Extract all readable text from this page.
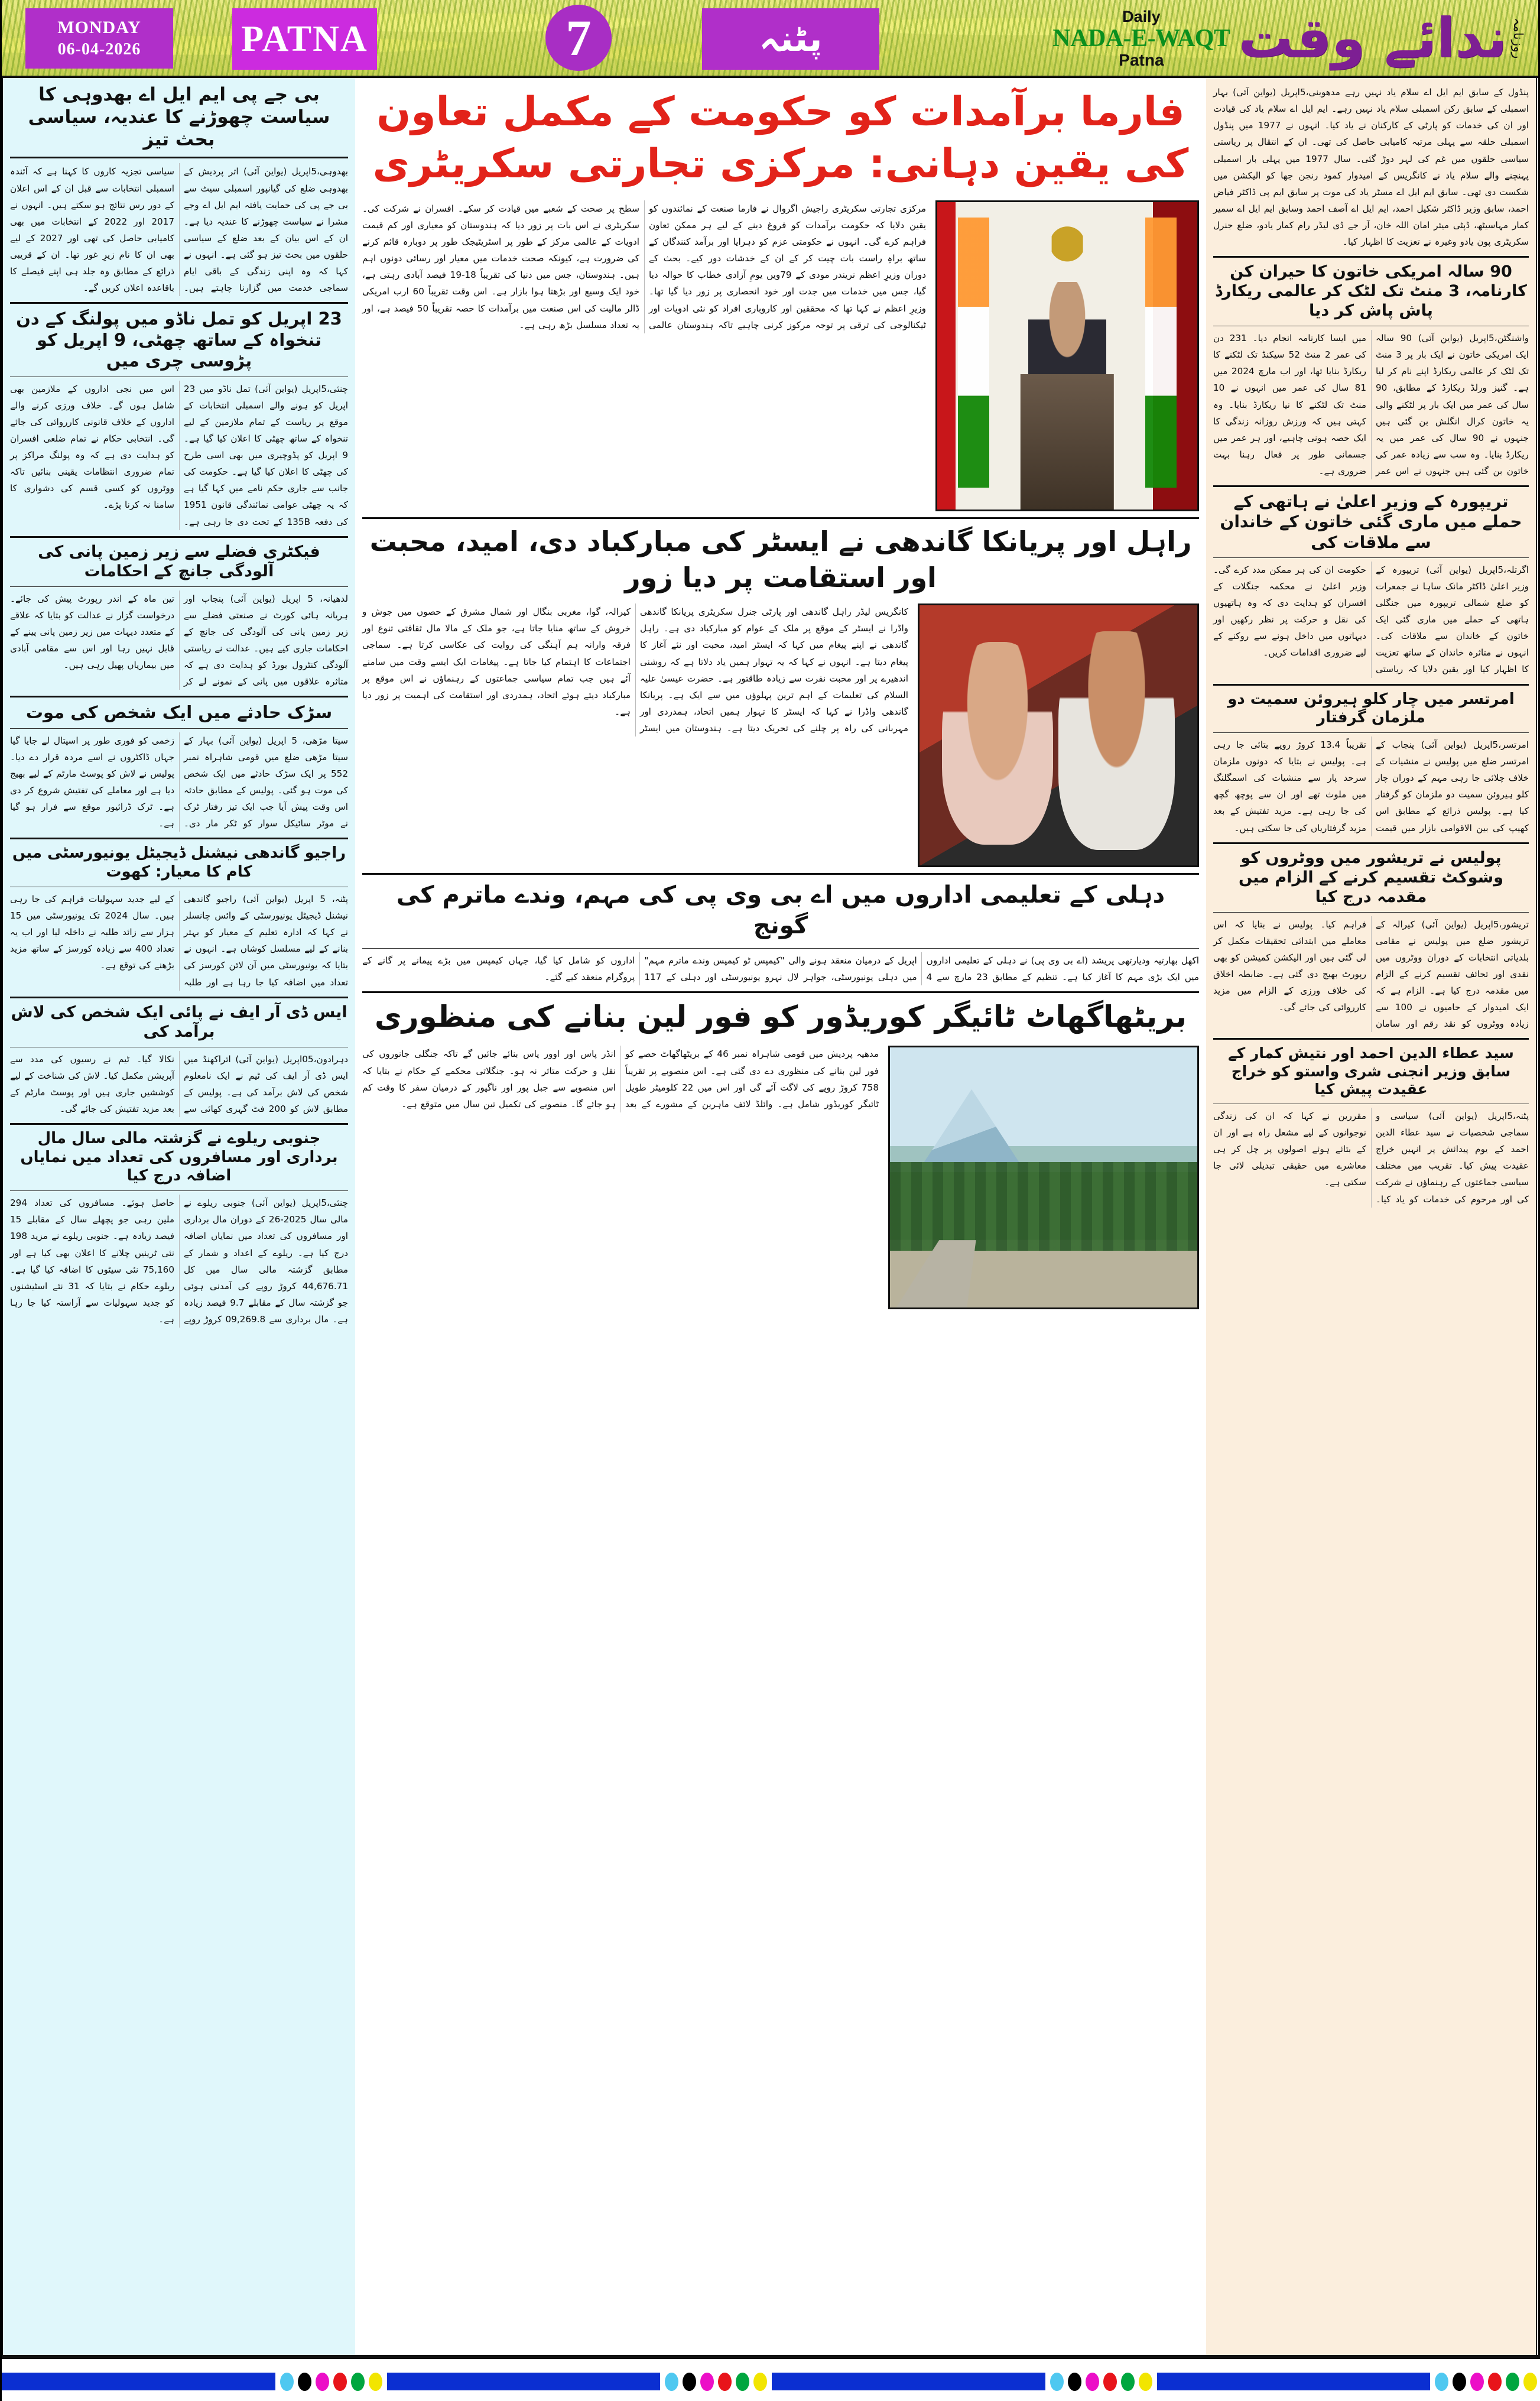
MONDAY
06-04-2026	PATNA	7	پٹنہ	روزنامہ
ندائے وقت
Daily
NADA-E-WAQT
Patna
بی جے پی ایم ایل اے بھدوہی کا سیاست چھوڑنے کا عندیہ، سیاسی بحث تیز
بھدوہی،5اپریل (یواین آئی) اتر پردیش کے بھدوہی ضلع کی گیانپور اسمبلی سیٹ سے بی جے پی کی حمایت یافتہ ایم ایل اے وجے مشرا نے سیاست چھوڑنے کا عندیہ دیا ہے۔ ان کے اس بیان کے بعد ضلع کے سیاسی حلقوں میں بحث تیز ہو گئی ہے۔ انہوں نے کہا کہ وہ اپنی زندگی کے باقی ایام سماجی خدمت میں گزارنا چاہتے ہیں۔ سیاسی تجزیہ کاروں کا کہنا ہے کہ آئندہ اسمبلی انتخابات سے قبل ان کے اس اعلان کے دور رس نتائج ہو سکتے ہیں۔ انہوں نے 2017 اور 2022 کے انتخابات میں بھی کامیابی حاصل کی تھی اور 2027 کے لیے بھی ان کا نام زیرِ غور تھا۔ ان کے قریبی ذرائع کے مطابق وہ جلد ہی اپنے فیصلے کا باقاعدہ اعلان کریں گے۔
23 اپریل کو تمل ناڈو میں پولنگ کے دن تنخواہ کے ساتھ چھٹی، 9 اپریل کو پڑوسی چری میں
چنئی،5اپریل (یواین آئی) تمل ناڈو میں 23 اپریل کو ہونے والے اسمبلی انتخابات کے موقع پر ریاست کے تمام ملازمین کے لیے تنخواہ کے ساتھ چھٹی کا اعلان کیا گیا ہے۔ 9 اپریل کو پڈوچیری میں بھی اسی طرح کی چھٹی کا اعلان کیا گیا ہے۔ حکومت کی جانب سے جاری حکم نامے میں کہا گیا ہے کہ یہ چھٹی عوامی نمائندگی قانون 1951 کی دفعہ 135B کے تحت دی جا رہی ہے۔ اس میں نجی اداروں کے ملازمین بھی شامل ہوں گے۔ خلاف ورزی کرنے والے اداروں کے خلاف قانونی کارروائی کی جائے گی۔ انتخابی حکام نے تمام ضلعی افسران کو ہدایت دی ہے کہ وہ پولنگ مراکز پر تمام ضروری انتظامات یقینی بنائیں تاکہ ووٹروں کو کسی قسم کی دشواری کا سامنا نہ کرنا پڑے۔
فیکٹری فضلے سے زیر زمین پانی کی آلودگی جانچ کے احکامات
لدھیانہ، 5 اپریل (یواین آئی) پنجاب اور ہریانہ ہائی کورٹ نے صنعتی فضلے سے زیر زمین پانی کی آلودگی کی جانچ کے احکامات جاری کیے ہیں۔ عدالت نے ریاستی آلودگی کنٹرول بورڈ کو ہدایت دی ہے کہ متاثرہ علاقوں میں پانی کے نمونے لے کر تین ماہ کے اندر رپورٹ پیش کی جائے۔ درخواست گزار نے عدالت کو بتایا کہ علاقے کے متعدد دیہات میں زیر زمین پانی پینے کے قابل نہیں رہا اور اس سے مقامی آبادی میں بیماریاں پھیل رہی ہیں۔
سڑک حادثے میں ایک شخص کی موت
سیتا مڑھی، 5 اپریل (یواین آئی) بہار کے سیتا مڑھی ضلع میں قومی شاہراہ نمبر 552 پر ایک سڑک حادثے میں ایک شخص کی موت ہو گئی۔ پولیس کے مطابق حادثہ اس وقت پیش آیا جب ایک تیز رفتار ٹرک نے موٹر سائیکل سوار کو ٹکر مار دی۔ زخمی کو فوری طور پر اسپتال لے جایا گیا جہاں ڈاکٹروں نے اسے مردہ قرار دے دیا۔ پولیس نے لاش کو پوسٹ مارٹم کے لیے بھیج دیا ہے اور معاملے کی تفتیش شروع کر دی ہے۔ ٹرک ڈرائیور موقع سے فرار ہو گیا ہے۔
راجیو گاندھی نیشنل ڈیجیٹل یونیورسٹی میں کام کا معیار: کھوت
پٹنہ، 5 اپریل (یواین آئی) راجیو گاندھی نیشنل ڈیجیٹل یونیورسٹی کے وائس چانسلر نے کہا کہ ادارہ تعلیم کے معیار کو بہتر بنانے کے لیے مسلسل کوشاں ہے۔ انہوں نے بتایا کہ یونیورسٹی میں آن لائن کورسز کی تعداد میں اضافہ کیا جا رہا ہے اور طلبہ کے لیے جدید سہولیات فراہم کی جا رہی ہیں۔ سال 2024 تک یونیورسٹی میں 15 ہزار سے زائد طلبہ نے داخلہ لیا اور اب یہ تعداد 400 سے زیادہ کورسز کے ساتھ مزید بڑھنے کی توقع ہے۔
ایس ڈی آر ایف نے پائی ایک شخص کی لاش برآمد کی
دہرادون،05اپریل (یواین آئی) اتراکھنڈ میں ایس ڈی آر ایف کی ٹیم نے ایک نامعلوم شخص کی لاش برآمد کی ہے۔ پولیس کے مطابق لاش کو 200 فٹ گہری کھائی سے نکالا گیا۔ ٹیم نے رسیوں کی مدد سے آپریشن مکمل کیا۔ لاش کی شناخت کے لیے کوششیں جاری ہیں اور پوسٹ مارٹم کے بعد مزید تفتیش کی جائے گی۔
جنوبی ریلوے نے گزشتہ مالی سال مال برداری اور مسافروں کی تعداد میں نمایاں اضافہ درج کیا
چنئی،5اپریل (یواین آئی) جنوبی ریلوے نے مالی سال 2025-26 کے دوران مال برداری اور مسافروں کی تعداد میں نمایاں اضافہ درج کیا ہے۔ ریلوے کے اعداد و شمار کے مطابق گزشتہ مالی سال میں کل 44,676.71 کروڑ روپے کی آمدنی ہوئی جو گزشتہ سال کے مقابلے 9.7 فیصد زیادہ ہے۔ مال برداری سے 09,269.8 کروڑ روپے حاصل ہوئے۔ مسافروں کی تعداد 294 ملین رہی جو پچھلے سال کے مقابلے 15 فیصد زیادہ ہے۔ جنوبی ریلوے نے مزید 198 نئی ٹرینیں چلانے کا اعلان بھی کیا ہے اور 75,160 نئی سیٹوں کا اضافہ کیا گیا ہے۔ ریلوے حکام نے بتایا کہ 31 نئے اسٹیشنوں کو جدید سہولیات سے آراستہ کیا جا رہا ہے۔
فارما برآمدات کو حکومت کے مکمل تعاون کی یقین دہانی: مرکزی تجارتی سکریٹری
مرکزی تجارتی سکریٹری راجیش اگروال نے فارما صنعت کے نمائندوں کو یقین دلایا کہ حکومت برآمدات کو فروغ دینے کے لیے ہر ممکن تعاون فراہم کرے گی۔ انہوں نے حکومتی عزم کو دہرایا اور برآمد کنندگان کے ساتھ براہِ راست بات چیت کر کے ان کے خدشات دور کیے۔ بحث کے دوران وزیرِ اعظم نریندر مودی کے 79ویں یومِ آزادی خطاب کا حوالہ دیا گیا، جس میں خدمات میں جدت اور خود انحصاری پر زور دیا گیا تھا۔ وزیرِ اعظم نے کہا تھا کہ محققین اور کاروباری افراد کو نئی ادویات اور ٹیکنالوجی کی ترقی پر توجہ مرکوز کرنی چاہیے تاکہ ہندوستان عالمی سطح پر صحت کے شعبے میں قیادت کر سکے۔ افسران نے شرکت کی۔ سکریٹری نے اس بات پر زور دیا کہ ہندوستان کو معیاری اور کم قیمت ادویات کے عالمی مرکز کے طور پر اسٹریٹیجک طور پر دوبارہ قائم کرنے کی ضرورت ہے، کیونکہ صحت خدمات میں معیار اور رسائی دونوں اہم ہیں۔ ہندوستان، جس میں دنیا کی تقریباً 18-19 فیصد آبادی رہتی ہے، خود ایک وسیع اور بڑھتا ہوا بازار ہے۔ اس وقت تقریباً 60 ارب امریکی ڈالر مالیت کی اس صنعت میں برآمدات کا حصہ تقریباً 50 فیصد ہے، اور یہ تعداد مسلسل بڑھ رہی ہے۔
راہل اور پریانکا گاندھی نے ایسٹر کی مبارکباد دی، امید، محبت اور استقامت پر دیا زور
کانگریس لیڈر راہل گاندھی اور پارٹی جنرل سکریٹری پریانکا گاندھی واڈرا نے ایسٹر کے موقع پر ملک کے عوام کو مبارکباد دی ہے۔ راہل گاندھی نے اپنے پیغام میں کہا کہ ایسٹر امید، محبت اور نئے آغاز کا پیغام دیتا ہے۔ انہوں نے کہا کہ یہ تہوار ہمیں یاد دلاتا ہے کہ روشنی اندھیرے پر اور محبت نفرت سے زیادہ طاقتور ہے۔ حضرت عیسیٰ علیہ السلام کی تعلیمات کے اہم ترین پہلوؤں میں سے ایک ہے۔ پریانکا گاندھی واڈرا نے کہا کہ ایسٹر کا تہوار ہمیں اتحاد، ہمدردی اور مہربانی کی راہ پر چلنے کی تحریک دیتا ہے۔ ہندوستان میں ایسٹر کیرالہ، گوا، مغربی بنگال اور شمال مشرق کے حصوں میں جوش و خروش کے ساتھ منایا جاتا ہے، جو ملک کے مالا مال ثقافتی تنوع اور فرقہ وارانہ ہم آہنگی کی روایت کی عکاسی کرتا ہے۔ سماجی اجتماعات کا اہتمام کیا جاتا ہے۔ پیغامات ایک ایسے وقت میں سامنے آئے ہیں جب تمام سیاسی جماعتوں کے رہنماؤں نے اس موقع پر مبارکباد دیتے ہوئے اتحاد، ہمدردی اور استقامت کی اہمیت پر زور دیا ہے۔
دہلی کے تعلیمی اداروں میں اے بی وی پی کی مہم، وندے ماترم کی گونج
اکھل بھارتیہ ودیارتھی پریشد (اے بی وی پی) نے دہلی کے تعلیمی اداروں میں ایک بڑی مہم کا آغاز کیا ہے۔ تنظیم کے مطابق 23 مارچ سے 4 اپریل کے درمیان منعقد ہونے والی "کیمپس ٹو کیمپس وندے ماترم مہم" میں دہلی یونیورسٹی، جواہر لال نہرو یونیورسٹی اور دہلی کے 117 اداروں کو شامل کیا گیا، جہاں کیمپس میں بڑے پیمانے پر گانے کے پروگرام منعقد کیے گئے۔
بریٹھاگھاٹ ٹائیگر کوریڈور کو فور لین بنانے کی منظوری
مدھیہ پردیش میں قومی شاہراہ نمبر 46 کے بریٹھاگھاٹ حصے کو فور لین بنانے کی منظوری دے دی گئی ہے۔ اس منصوبے پر تقریباً 758 کروڑ روپے کی لاگت آئے گی اور اس میں 22 کلومیٹر طویل ٹائیگر کوریڈور شامل ہے۔ وائلڈ لائف ماہرین کے مشورے کے بعد انڈر پاس اور اوور پاس بنائے جائیں گے تاکہ جنگلی جانوروں کی نقل و حرکت متاثر نہ ہو۔ جنگلاتی محکمے کے حکام نے بتایا کہ اس منصوبے سے جبل پور اور ناگپور کے درمیان سفر کا وقت کم ہو جائے گا۔ منصوبے کی تکمیل تین سال میں متوقع ہے۔
پنڈول کے سابق ایم ایل اے سلام یاد نہیں رہے مدھوبنی،5اپریل (یواین آئی) بہار اسمبلی کے سابق رکن اسمبلی سلام یاد نہیں رہے۔ ایم ایل اے سلام یاد کی قیادت اور ان کی خدمات کو پارٹی کے کارکنان نے یاد کیا۔ انہوں نے 1977 میں پنڈول اسمبلی حلقہ سے پہلی مرتبہ کامیابی حاصل کی تھی۔ ان کے انتقال پر ریاستی سیاسی حلقوں میں غم کی لہر دوڑ گئی۔ سال 1977 میں پہلی بار اسمبلی پہنچنے والے سلام یاد نے کانگریس کے امیدوار کمود رنجن جھا کو الیکشن میں شکست دی تھی۔ سابق ایم ایل اے مسٹر یاد کی موت پر سابق ایم پی ڈاکٹر فیاض احمد، سابق وزیر ڈاکٹر شکیل احمد، ایم ایل اے آصف احمد وسابق ایم ایل اے سمیر کمار مہاسیٹھ، ڈپٹی میئر امان اللہ خان، آر جے ڈی لیڈر رام کمار یادو، ضلع جنرل سکریٹری پون یادو وغیرہ نے تعزیت کا اظہار کیا۔
90 سالہ امریکی خاتون کا حیران کن کارنامہ، 3 منٹ تک لٹک کر عالمی ریکارڈ پاش پاش کر دیا
واشنگٹن،5اپریل (یواین آئی) 90 سالہ ایک امریکی خاتون نے ایک بار پر 3 منٹ تک لٹک کر عالمی ریکارڈ اپنے نام کر لیا ہے۔ گنیز ورلڈ ریکارڈ کے مطابق، 90 سال کی عمر میں ایک بار پر لٹکنے والی یہ خاتون کرال انگلش بن گئی ہیں جنہوں نے 90 سال کی عمر میں یہ ریکارڈ بنایا۔ وہ سب سے زیادہ عمر کی خاتون بن گئی ہیں جنہوں نے اس عمر میں ایسا کارنامہ انجام دیا۔ 231 دن کی عمر 2 منٹ 52 سیکنڈ تک لٹکنے کا ریکارڈ بنایا تھا، اور اب مارچ 2024 میں 81 سال کی عمر میں انہوں نے 10 منٹ تک لٹکنے کا نیا ریکارڈ بنایا۔ وہ کہتی ہیں کہ ورزش روزانہ زندگی کا ایک حصہ ہونی چاہیے، اور ہر عمر میں جسمانی طور پر فعال رہنا بہت ضروری ہے۔
تریپورہ کے وزیر اعلیٰ نے ہاتھی کے حملے میں ماری گئی خاتون کے خاندان سے ملاقات کی
اگرتلہ،5اپریل (یواین آئی) تریپورہ کے وزیر اعلیٰ ڈاکٹر مانک ساہا نے جمعرات کو ضلع شمالی تریپورہ میں جنگلی ہاتھی کے حملے میں ماری گئی ایک خاتون کے خاندان سے ملاقات کی۔ انہوں نے متاثرہ خاندان کے ساتھ تعزیت کا اظہار کیا اور یقین دلایا کہ ریاستی حکومت ان کی ہر ممکن مدد کرے گی۔ وزیر اعلیٰ نے محکمہ جنگلات کے افسران کو ہدایت دی کہ وہ ہاتھیوں کی نقل و حرکت پر نظر رکھیں اور دیہاتوں میں داخل ہونے سے روکنے کے لیے ضروری اقدامات کریں۔
امرتسر میں چار کلو ہیروئن سمیت دو ملزمان گرفتار
امرتسر،5اپریل (یواین آئی) پنجاب کے امرتسر ضلع میں پولیس نے منشیات کے خلاف چلائی جا رہی مہم کے دوران چار کلو ہیروئن سمیت دو ملزمان کو گرفتار کیا ہے۔ پولیس ذرائع کے مطابق اس کھیپ کی بین الاقوامی بازار میں قیمت تقریباً 13.4 کروڑ روپے بتائی جا رہی ہے۔ پولیس نے بتایا کہ دونوں ملزمان سرحد پار سے منشیات کی اسمگلنگ میں ملوث تھے اور ان سے پوچھ گچھ کی جا رہی ہے۔ مزید تفتیش کے بعد مزید گرفتاریاں کی جا سکتی ہیں۔
پولیس نے تریشور میں ووٹروں کو وشوکٹ تقسیم کرنے کے الزام میں مقدمہ درج کیا
تریشور،5اپریل (یواین آئی) کیرالہ کے تریشور ضلع میں پولیس نے مقامی بلدیاتی انتخابات کے دوران ووٹروں میں نقدی اور تحائف تقسیم کرنے کے الزام میں مقدمہ درج کیا ہے۔ الزام ہے کہ ایک امیدوار کے حامیوں نے 100 سے زیادہ ووٹروں کو نقد رقم اور سامان فراہم کیا۔ پولیس نے بتایا کہ اس معاملے میں ابتدائی تحقیقات مکمل کر لی گئی ہیں اور الیکشن کمیشن کو بھی رپورٹ بھیج دی گئی ہے۔ ضابطہ اخلاق کی خلاف ورزی کے الزام میں مزید کارروائی کی جائے گی۔
سید عطاء الدین احمد اور نتیش کمار کے سابق وزیر انجنی شری واستو کو خراج عقیدت پیش کیا
پٹنہ،5اپریل (یواین آئی) سیاسی و سماجی شخصیات نے سید عطاء الدین احمد کے یوم پیدائش پر انہیں خراج عقیدت پیش کیا۔ تقریب میں مختلف سیاسی جماعتوں کے رہنماؤں نے شرکت کی اور مرحوم کی خدمات کو یاد کیا۔ مقررین نے کہا کہ ان کی زندگی نوجوانوں کے لیے مشعل راہ ہے اور ان کے بتائے ہوئے اصولوں پر چل کر ہی معاشرے میں حقیقی تبدیلی لائی جا سکتی ہے۔
